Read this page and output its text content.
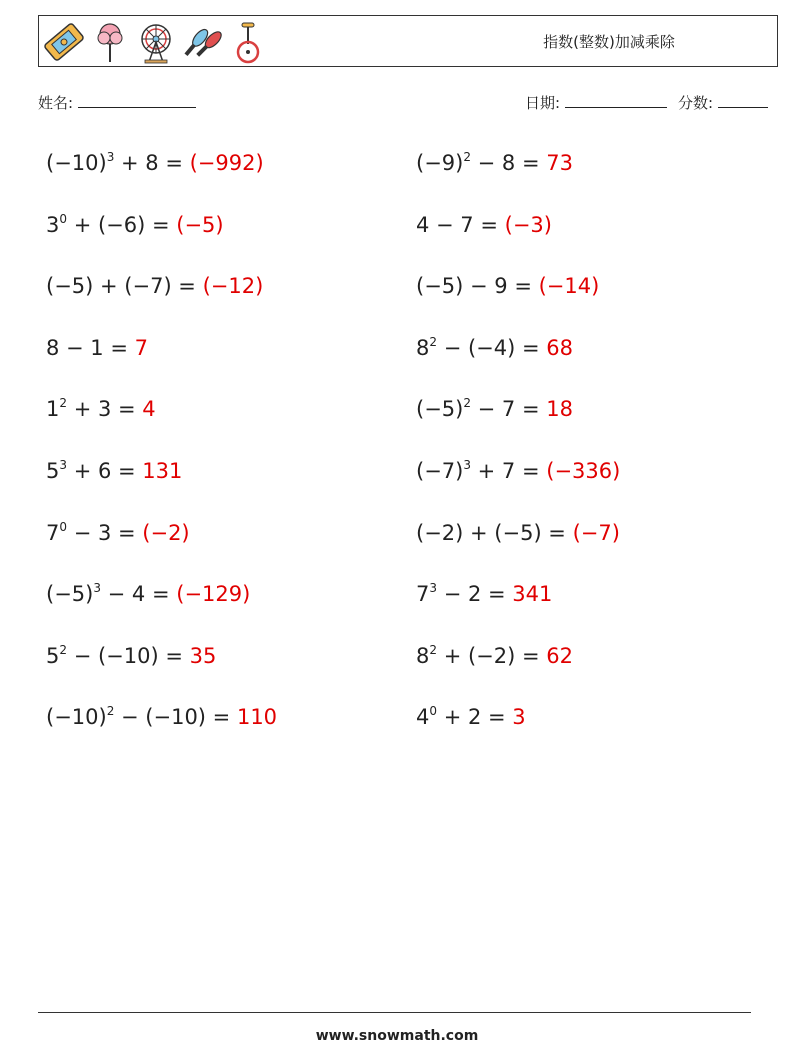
指数(整数)加减乘除
姓名:	日期:	分数:
$(-10)^3 + 8 = (-992)$	$(-9)^2 - 8 = 73$
$3^0 + (-6) = (-5)$	4 − 7 = (−3)
(−5) + (−7) = (−12)	(−5) − 9 = (−14)
8 − 1 = 7	$8^2 - (-4) = 68$
$1^2 + 3 = 4$	$(-5)^2 - 7 = 18$
$5^3 + 6 = 131$	$(-7)^3 + 7 = (-336)$
$7^0 - 3 = (-2)$	(−2) + (−5) = (−7)
$(-5)^3 - 4 = (-129)$	$7^3 - 2 = 341$
$5^2 - (-10) = 35$	$8^2 + (-2) = 62$
$(-10)^2 - (-10) = 110$	$4^0 + 2 = 3$
www.snowmath.com
